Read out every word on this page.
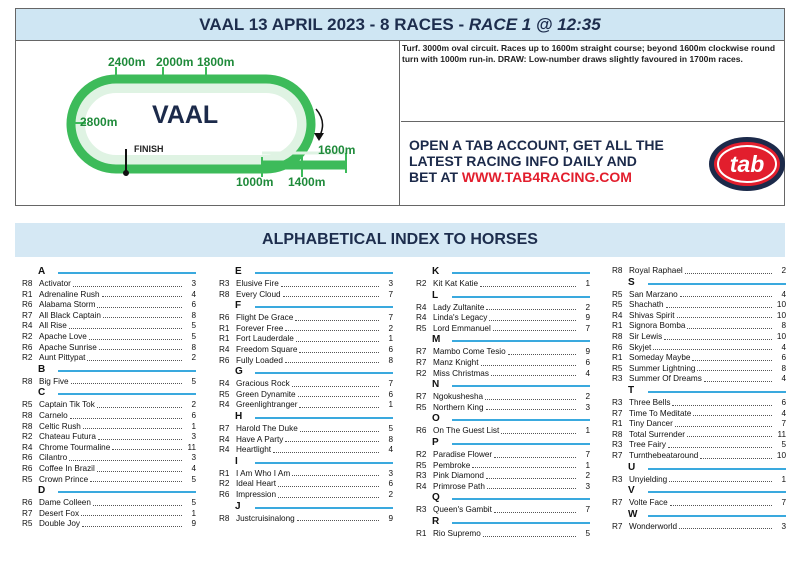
VAAL 13 APRIL 2023 - 8 RACES - RACE 1 @ 12:35
2400m 2000m 1800m
2800m
1600m
1000m 1400m
VAAL
FINISH
Turf. 3000m oval circuit. Races up to 1600m straight course; beyond 1600m clockwise round turn with 1000m run-in. DRAW: Low-number draws slightly favoured in 1700m races.
OPEN A TAB ACCOUNT, GET ALL THE
LATEST RACING INFO DAILY AND
BET AT WWW.TAB4RACING.COM	tab
ALPHABETICAL INDEX TO HORSES
A
R8 Activator	3
R1 Adrenaline Rush	4
R6 Alabama Storm	6
R7 All Black Captain	8
R4 All Rise	5
R2 Apache Love	5
R6 Apache Sunrise	8
R2 Aunt Pittypat	2
B
R8 Big Five	5
C
R5 Captain Tik Tok	2
R8 Carnelo	6
R8 Celtic Rush	1
R2 Chateau Futura	3
R4 Chrome Tourmaline	11
R6 Cilantro	3
R6 Coffee In Brazil	4
R5 Crown Prince	5
D
R6 Dame Colleen	5
R7 Desert Fox	1
R5 Double Joy	9
E
R3 Elusive Fire	3
R8 Every Cloud	7
F
R6 Flight De Grace	7
R1 Forever Free	2
R1 Fort Lauderdale	1
R4 Freedom Square	6
R6 Fully Loaded	8
G
R4 Gracious Rock	7
R5 Green Dynamite	6
R4 Greenlightranger	1
H
R7 Harold The Duke	5
R4 Have A Party	8
R4 Heartlight	4
I
R1 I Am Who I Am	3
R2 Ideal Heart	6
R6 Impression	2
J
R8 Justcruisinalong	9
K
R2 Kit Kat Katie	1
L
R4 Lady Zultanite	2
R4 Linda's Legacy	9
R5 Lord Emmanuel	7
M
R7 Mambo Come Tesio	9
R7 Manz Knight	6
R2 Miss Christmas	4
N
R7 Ngokushesha	2
R5 Northern King	3
O
R6 On The Guest List	1
P
R2 Paradise Flower	7
R5 Pembroke	1
R3 Pink Diamond	2
R4 Primrose Path	3
Q
R3 Queen's Gambit	7
R
R1 Rio Supremo	5
R8 Royal Raphael	2
S
R5 San Marzano	4
R5 Shachath	10
R4 Shivas Spirit	10
R1 Signora Bomba	8
R8 Sir Lewis	10
R6 Skyjet	4
R1 Someday Maybe	6
R5 Summer Lightning	8
R3 Summer Of Dreams	4
T
R3 Three Bells	6
R7 Time To Meditate	4
R1 Tiny Dancer	7
R8 Total Surrender	11
R3 Tree Fairy	5
R7 Turnthebeataround	10
U
R3 Unyielding	1
V
R7 Volte Face	7
W
R7 Wonderworld	3
